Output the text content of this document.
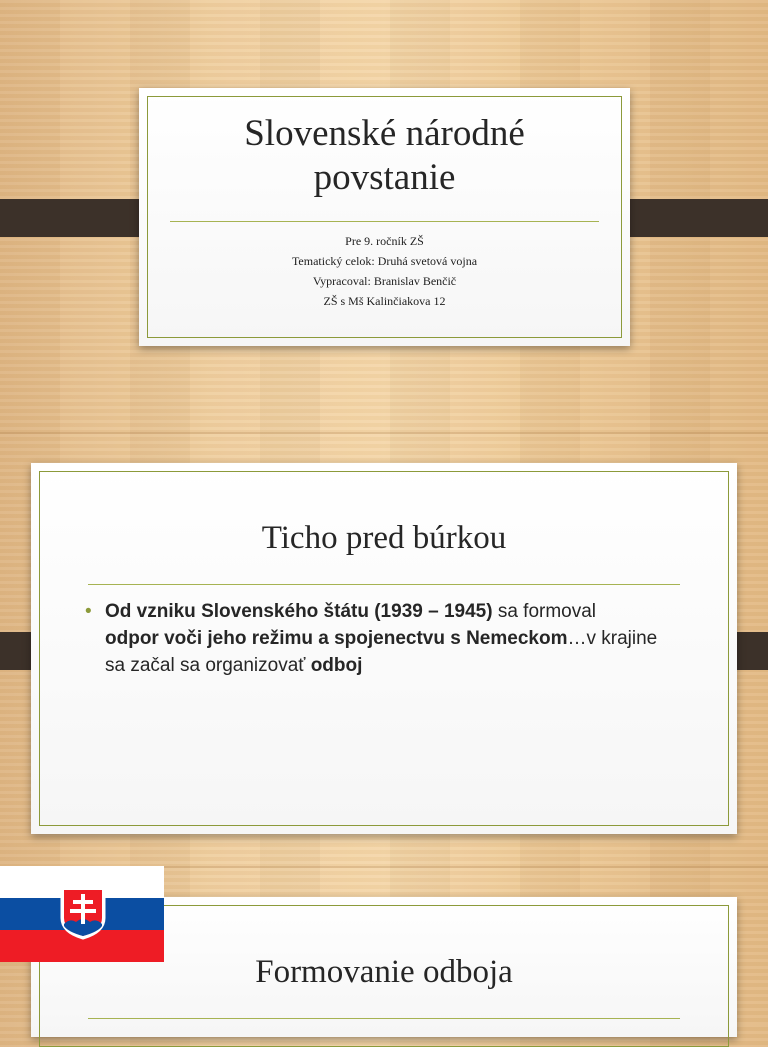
Slovenské národné
povstanie
Pre 9. ročník ZŠ
Tematický celok: Druhá svetová vojna
Vypracoval: Branislav Benčič
ZŠ s Mš Kalinčiakova 12
Ticho pred búrkou
• Od vzniku Slovenského štátu (1939 – 1945) sa formoval
odpor voči jeho režimu a spojenectvu s Nemeckom…v krajine sa začal sa organizovať odboj
Formovanie odboja
